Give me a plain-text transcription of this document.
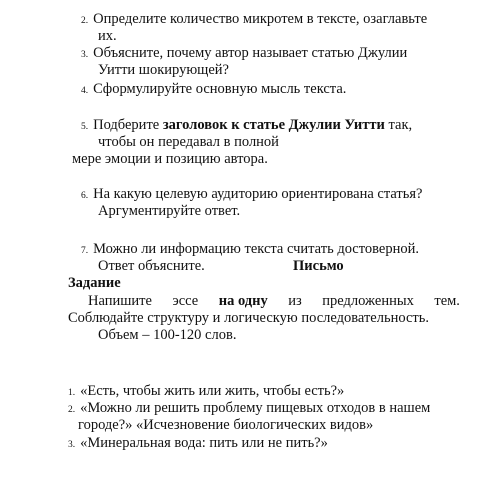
2. Определите количество микротем в тексте, озаглавьте
их.
3. Объясните, почему автор называет статью Джулии
Уитти шокирующей?
4. Сформулируйте основную мысль текста.
5. Подберите заголовок к статье Джулии Уитти так,
чтобы он передавал в полной
мере эмоции и позицию автора.
6. На какую целевую аудиторию ориентирована статья?
Аргументируйте ответ.
7. Можно ли информацию текста считать достоверной.
Ответ объясните.	Письмо
Задание
Напишите эссе на одну из предложенных тем.
Соблюдайте структуру и логическую последовательность.
Объем – 100-120 слов.
1. «Есть, чтобы жить или жить, чтобы есть?»
2. «Можно ли решить проблему пищевых отходов в нашем
городе?» «Исчезновение биологических видов»
3. «Минеральная вода: пить или не пить?»
